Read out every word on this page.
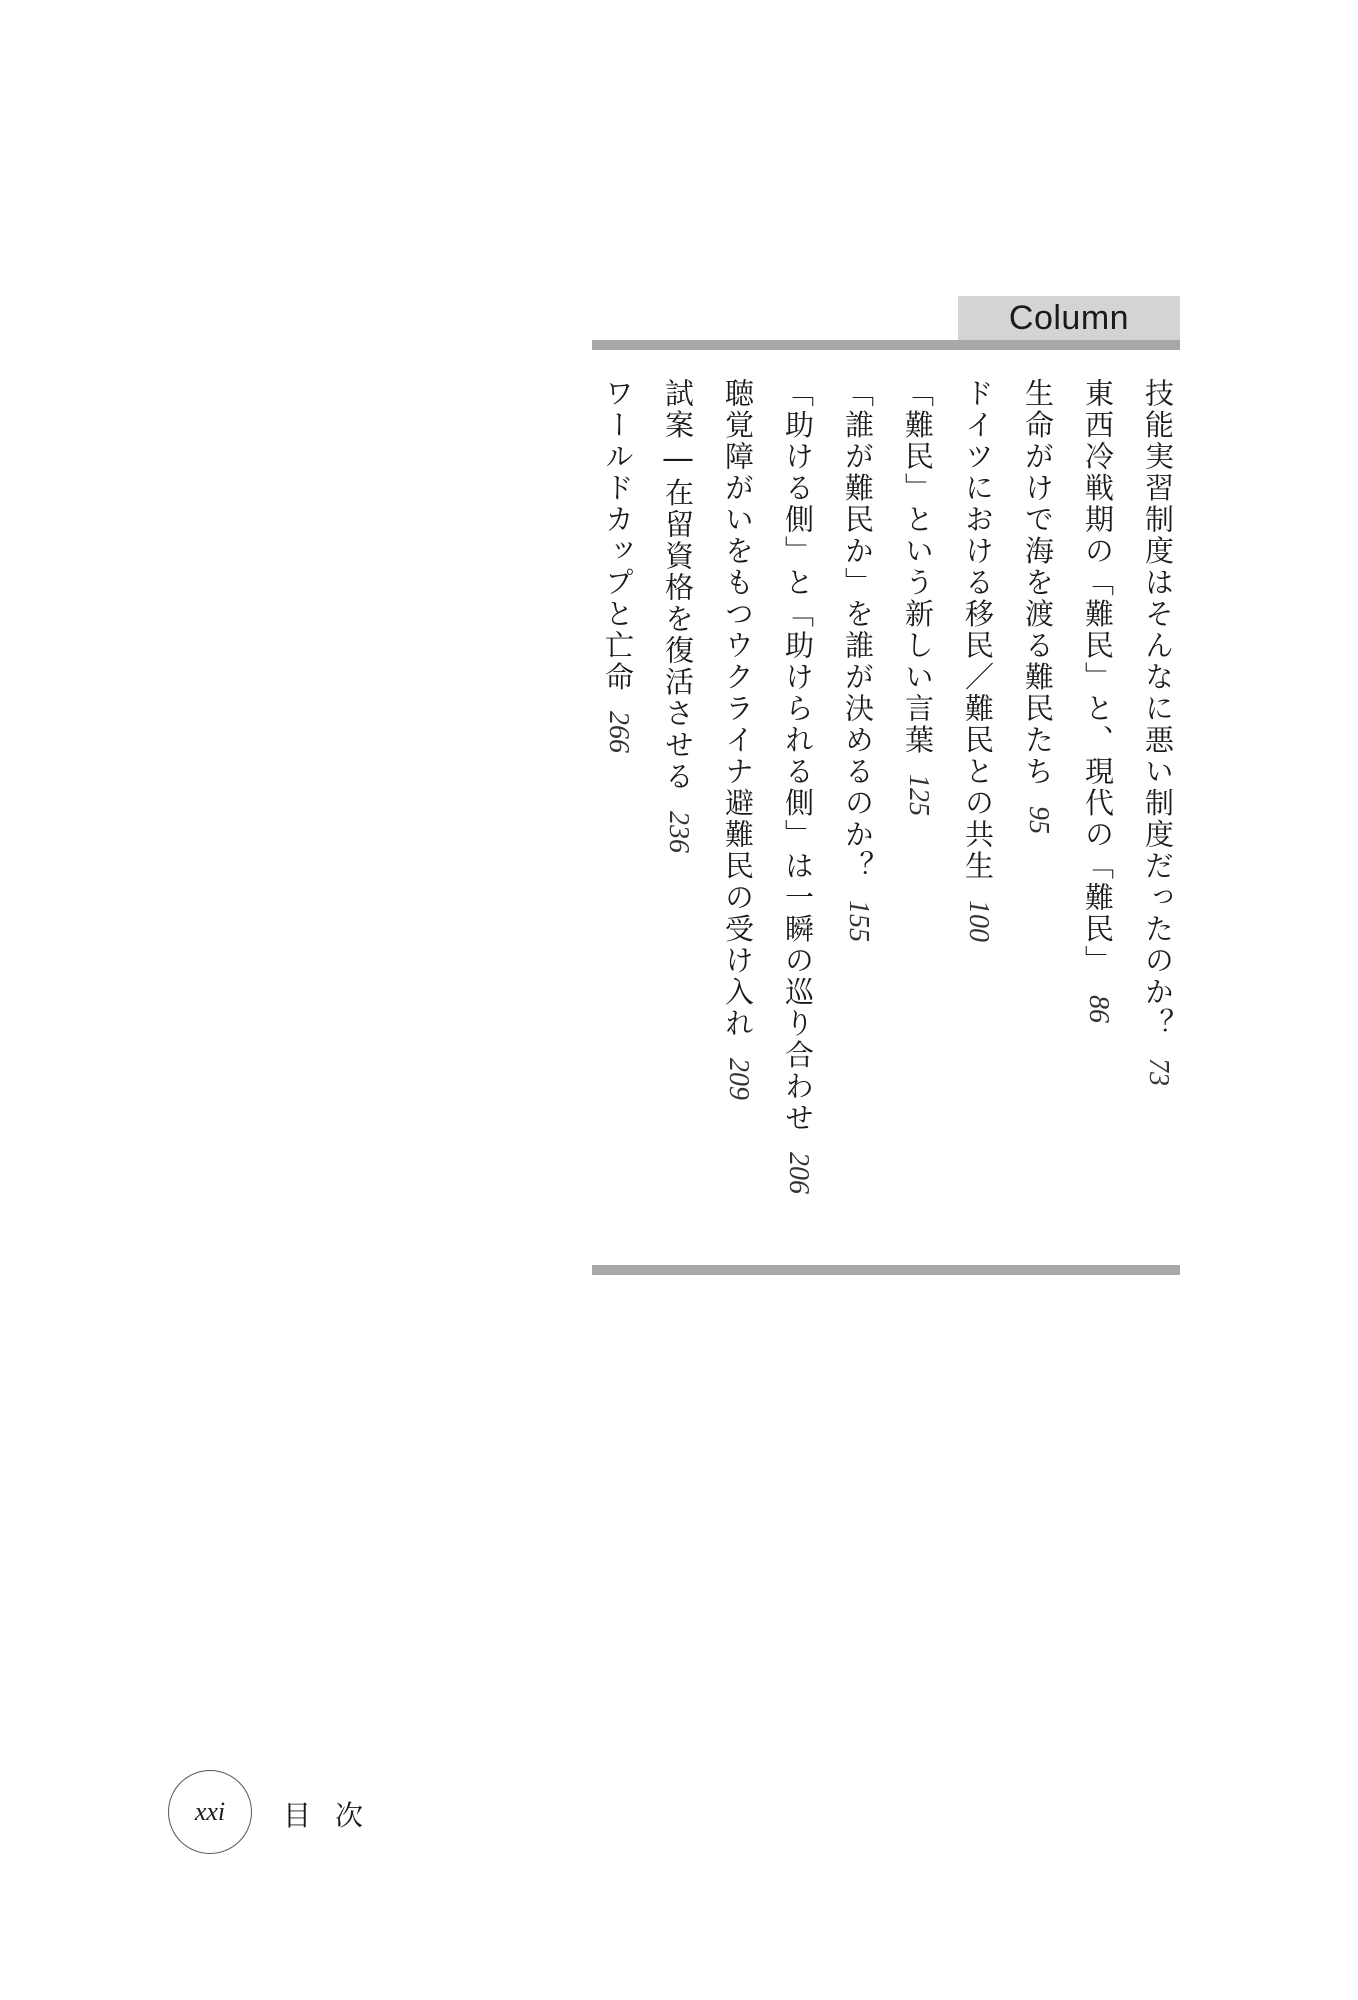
Column
技能実習制度はそんなに悪い制度だったのか？73
東西冷戦期の「難民」と、現代の「難民」86
生命がけで海を渡る難民たち95
ドイツにおける移民／難民との共生100
「難民」という新しい言葉125
「誰が難民か」を誰が決めるのか？155
「助ける側」と「助けられる側」は一瞬の巡り合わせ206
聴覚障がいをもつウクライナ避難民の受け入れ209
試案―在留資格を復活させる236
ワールドカップと亡命266
xxi 目次
